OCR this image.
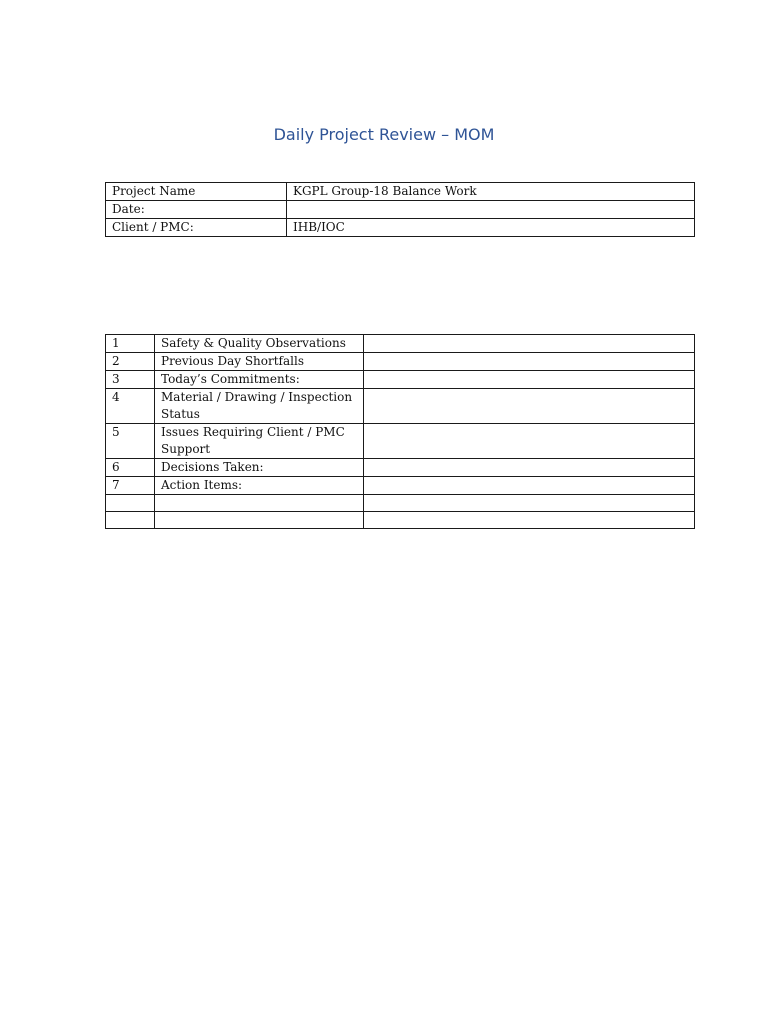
Daily Project Review – MOM
Project Name	KGPL Group-18 Balance Work
Date:	
Client / PMC:	IHB/IOC
1	Safety & Quality Observations	
2	Previous Day Shortfalls	
3	Today’s Commitments:	
4	Material / Drawing / Inspection Status	
5	Issues Requiring Client / PMC Support	
6	Decisions Taken:	
7	Action Items:	
